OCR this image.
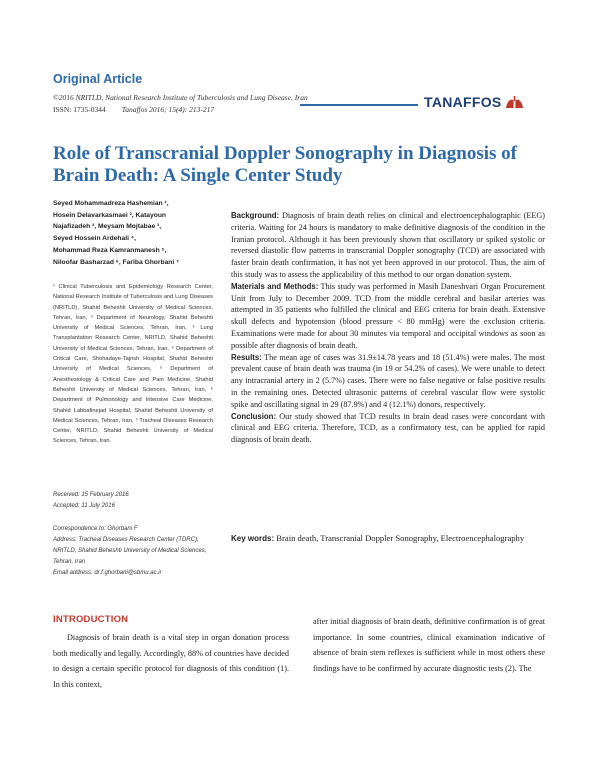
Original Article
©2016 NRITLD, National Research Institute of Tuberculosis and Lung Disease, Iran
ISSN: 1735-0344 Tanaffos 2016; 15(4): 213-217	TANAFFOS
Role of Transcranial Doppler Sonography in Diagnosis of Brain Death: A Single Center Study
Seyed Mohammadreza Hashemian ¹,
Hosein Delavarkasmaei ², Katayoun
Najafizadeh ³, Meysam Mojtabae ³,
Seyed Hossein Ardehali ⁴,
Mohammad Reza Kamranmanesh ⁵,
Niloofar Basharzad ⁶, Fariba Ghorbani ⁷
¹ Clinical Tuberculosis and Epidemiology Research Center, National Research Institute of Tuberculosis and Lung Diseases (NRITLD), Shahid Beheshti University of Medical Sciences, Tehran, Iran, ² Department of Neurology, Shahid Beheshti University of Medical Sciences, Tehran, Iran, ³ Lung Transplantation Research Center, NRITLD, Shahid Beheshti University of Medical Sciences, Tehran, Iran, ⁴ Department of Critical Care, Shohadaye-Tajrish Hospital, Shahid Beheshti University of Medical Sciences, ⁵ Department of Anesthesiology & Critical Care and Pain Medicine, Shahid Beheshti University of Medical Sciences, Tehran, Iran, ⁶ Department of Pulmonology and Intensive Care Medicine, Shahid Labbafinejad Hospital, Shahid Beheshti University of Medical Sciences, Tehran, Iran, ⁷ Tracheal Diseases Research Center, NRITLD, Shahid Beheshti University of Medical Sciences, Tehran, Iran.
Received: 15 February 2016
Accepted: 11 July 2016
Correspondence to: Ghorbani F
Address: Tracheal Diseases Research Center (TDRC), NRITLD, Shahid Beheshti University of Medical Sciences, Tehran, Iran
Email address: dr.f.ghorbani@sbmu.ac.ir

Background: Diagnosis of brain death relies on clinical and electroencephalographic (EEG) criteria. Waiting for 24 hours is mandatory to make definitive diagnosis of the condition in the Iranian protocol. Although it has been previously shown that oscillatory or spiked systolic or reversed diastolic flow patterns in transcranial Doppler sonography (TCD) are associated with faster brain death confirmation, it has not yet been approved in our protocol. Thus, the aim of this study was to assess the applicability of this method to our organ donation system.

Materials and Methods: This study was performed in Masih Daneshvari Organ Procurement Unit from July to December 2009. TCD from the middle cerebral and basilar arteries was attempted in 35 patients who fulfilled the clinical and EEG criteria for brain death. Extensive skull defects and hypotension (blood pressure < 80 mmHg) were the exclusion criteria. Examinations were made for about 30 minutes via temporal and occipital windows as soon as possible after diagnosis of brain death.

Results: The mean age of cases was 31.9±14.78 years and 18 (51.4%) were males. The most prevalent cause of brain death was trauma (in 19 or 54.2% of cases). We were unable to detect any intracranial artery in 2 (5.7%) cases. There were no false negative or false positive results in the remaining ones. Detected ultrasonic patterns of cerebral vascular flow were systolic spike and oscillating signal in 29 (87.9%) and 4 (12.1%) donors, respectively.

Conclusion: Our study showed that TCD results in brain dead cases were concordant with clinical and EEG criteria. Therefore, TCD, as a confirmatory test, can be applied for rapid diagnosis of brain death.

Key words: Brain death, Transcranial Doppler Sonography, Electroencephalography
INTRODUCTION
Diagnosis of brain death is a vital step in organ donation process both medically and legally. Accordingly, 88% of countries have decided to design a certain specific protocol for diagnosis of this condition (1). In this context,
after initial diagnosis of brain death, definitive confirmation is of great importance. In some countries, clinical examination indicative of absence of brain stem reflexes is sufficient while in most others these findings have to be confirmed by accurate diagnostic tests (2). The
